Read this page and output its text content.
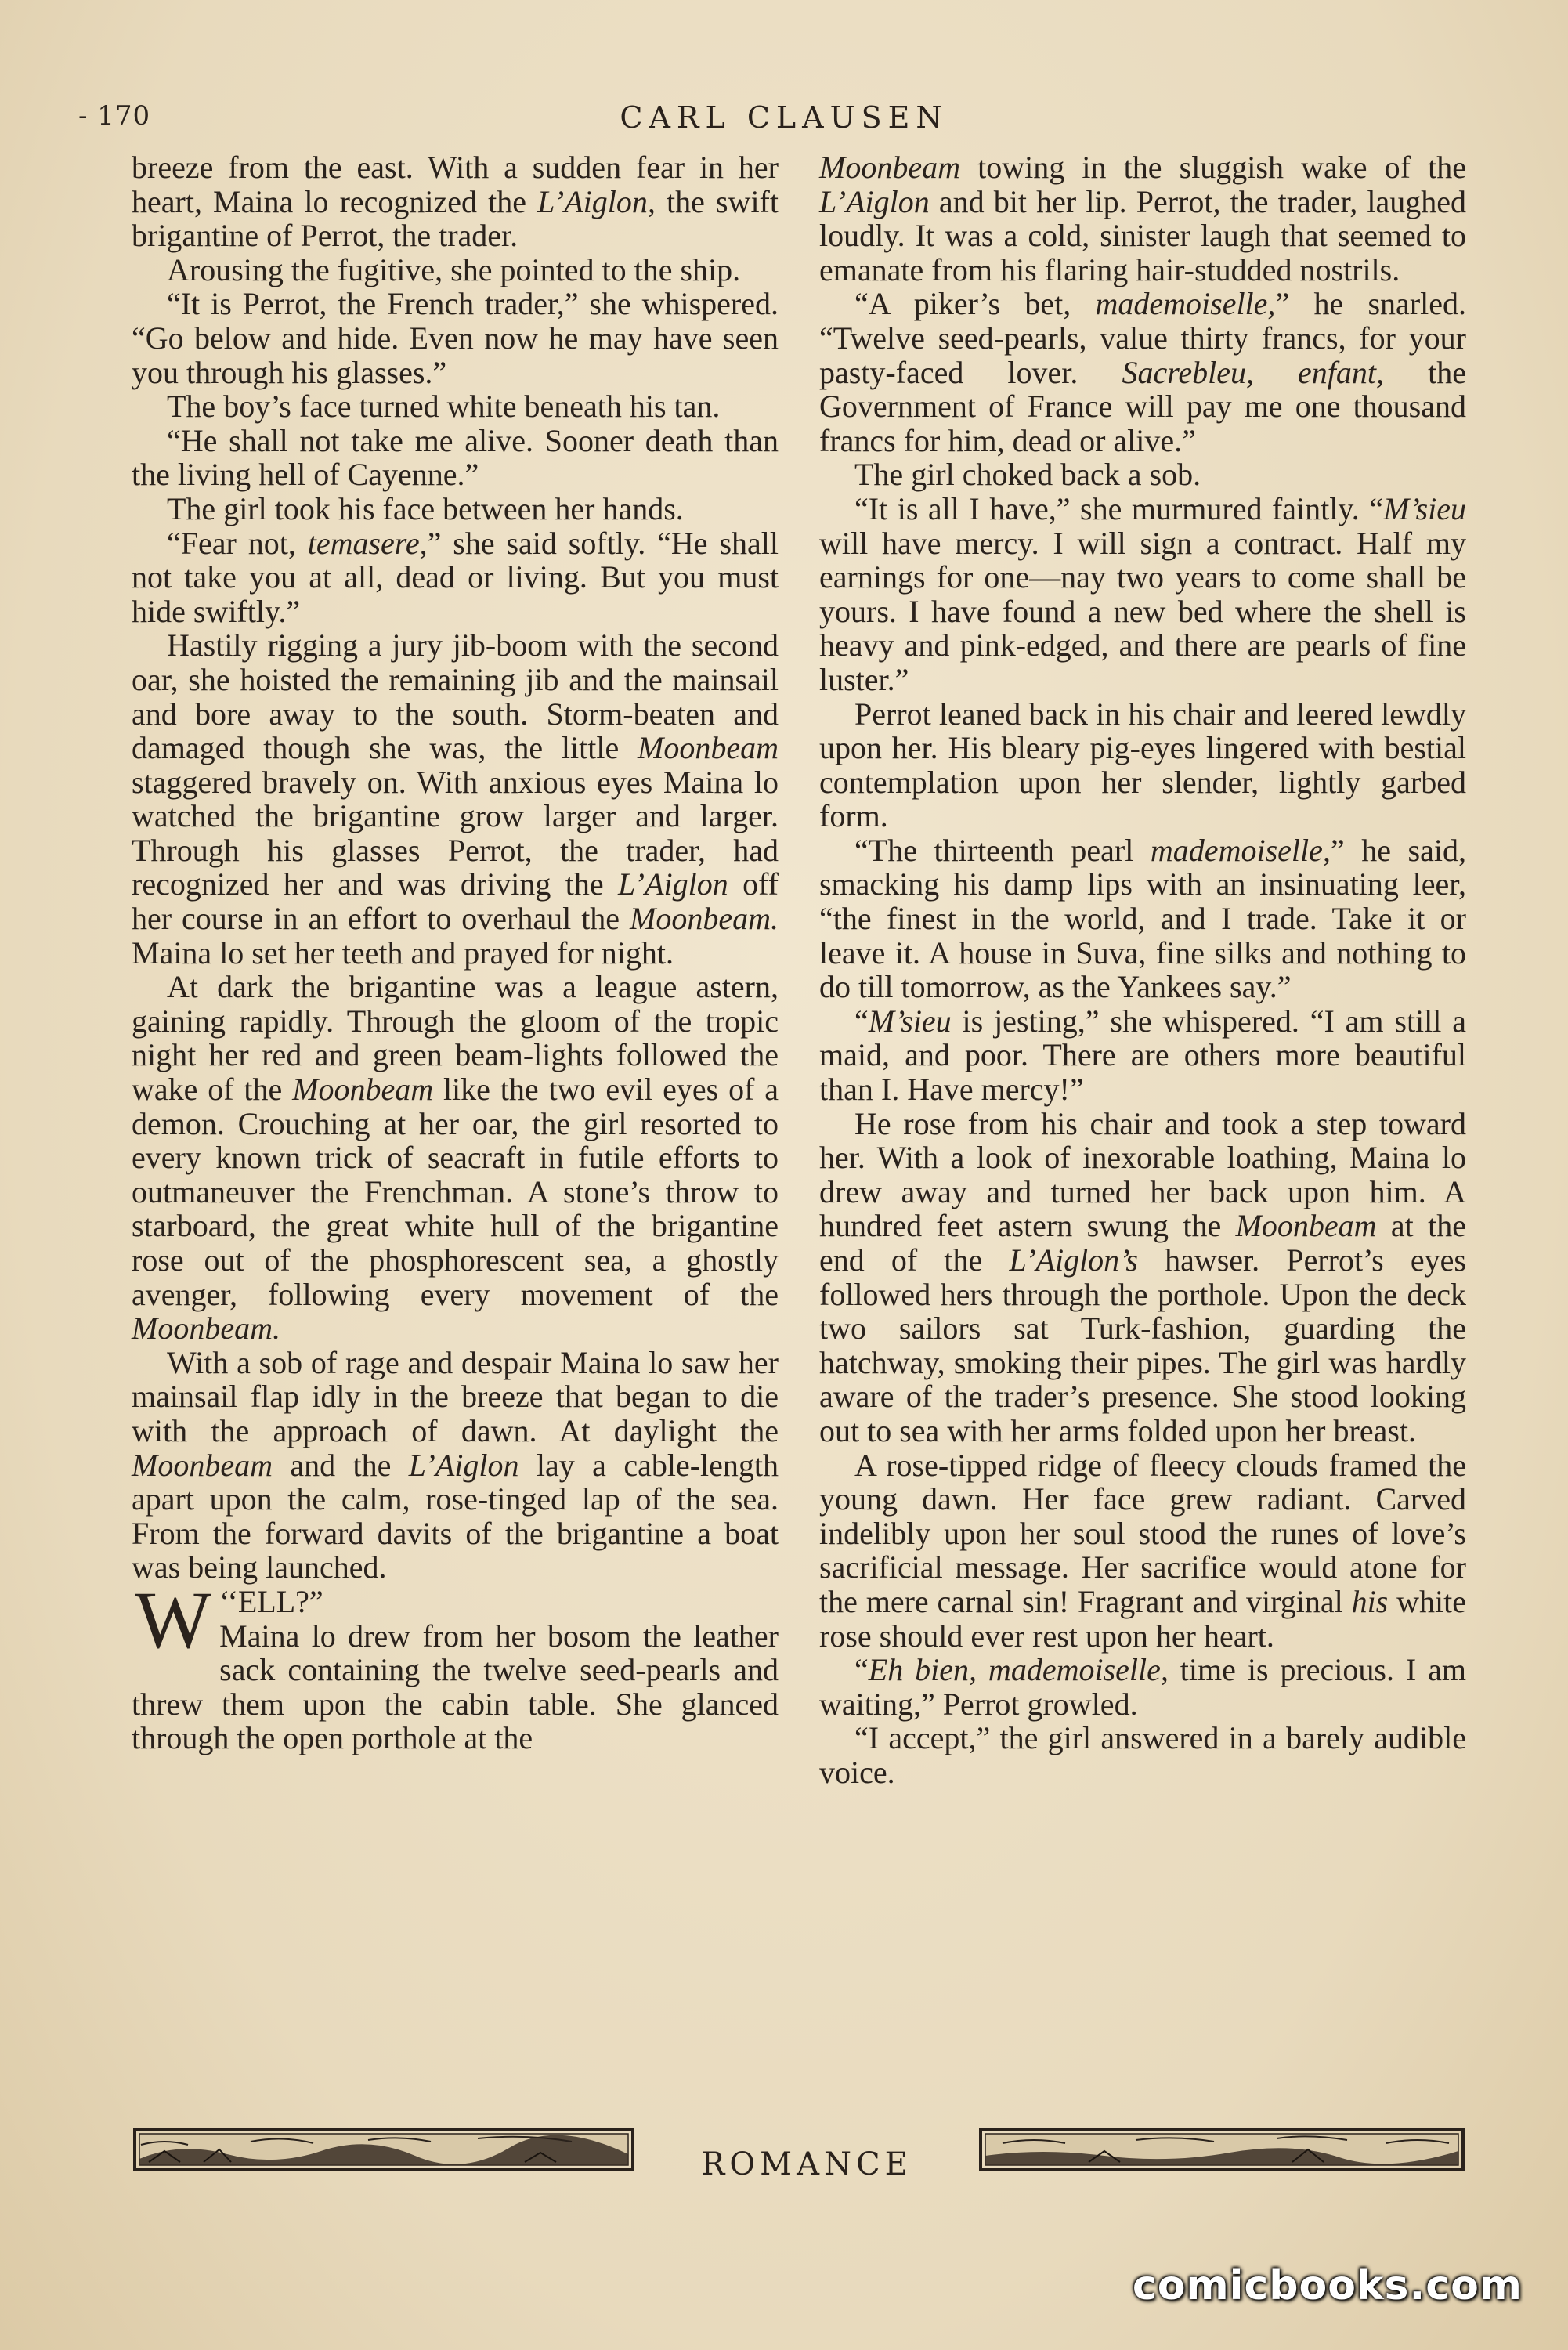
- 170	CARL CLAUSEN

breeze from the east. With a sudden fear in her heart, Maina lo recognized the L’Aiglon, the swift brigantine of Perrot, the trader.

Arousing the fugitive, she pointed to the ship.

“It is Perrot, the French trader,” she whispered. “Go below and hide. Even now he may have seen you through his glasses.”

The boy’s face turned white beneath his tan.

“He shall not take me alive. Sooner death than the living hell of Cayenne.”

The girl took his face between her hands.

“Fear not, temasere,” she said softly. “He shall not take you at all, dead or living. But you must hide swiftly.”

Hastily rigging a jury jib-boom with the second oar, she hoisted the remaining jib and the mainsail and bore away to the south. Storm-beaten and damaged though she was, the little Moonbeam staggered bravely on. With anxious eyes Maina lo watched the brigantine grow larger and larger. Through his glasses Perrot, the trader, had recognized her and was driving the L’Aiglon off her course in an effort to overhaul the Moonbeam. Maina lo set her teeth and prayed for night.

At dark the brigantine was a league astern, gaining rapidly. Through the gloom of the tropic night her red and green beam-lights followed the wake of the Moonbeam like the two evil eyes of a demon. Crouching at her oar, the girl resorted to every known trick of seacraft in futile efforts to outmaneuver the Frenchman. A stone’s throw to starboard, the great white hull of the brigantine rose out of the phosphorescent sea, a ghostly avenger, following every movement of the Moonbeam.

With a sob of rage and despair Maina lo saw her mainsail flap idly in the breeze that began to die with the approach of dawn. At daylight the Moonbeam and the L’Aiglon lay a cable-length apart upon the calm, rose-tinged lap of the sea. From the forward davits of the brigantine a boat was being launched.

‘‘
W ELL?”
Maina lo drew from her bosom the leather sack containing the twelve seed-pearls and threw them upon the cabin table. She glanced through the open porthole at the

Moonbeam towing in the sluggish wake of the L’Aiglon and bit her lip. Perrot, the trader, laughed loudly. It was a cold, sinister laugh that seemed to emanate from his flaring hair-studded nostrils.

“A piker’s bet, mademoiselle,” he snarled. “Twelve seed-pearls, value thirty francs, for your pasty-faced lover. Sacrebleu, enfant, the Government of France will pay me one thousand francs for him, dead or alive.”

The girl choked back a sob.

“It is all I have,” she murmured faintly. “M’sieu will have mercy. I will sign a contract. Half my earnings for one—nay two years to come shall be yours. I have found a new bed where the shell is heavy and pink-edged, and there are pearls of fine luster.”

Perrot leaned back in his chair and leered lewdly upon her. His bleary pig-eyes lingered with bestial contemplation upon her slender, lightly garbed form.

“The thirteenth pearl mademoiselle,” he said, smacking his damp lips with an insinuating leer, “the finest in the world, and I trade. Take it or leave it. A house in Suva, fine silks and nothing to do till tomorrow, as the Yankees say.”

“M’sieu is jesting,” she whispered. “I am still a maid, and poor. There are others more beautiful than I. Have mercy!”

He rose from his chair and took a step toward her. With a look of inexorable loathing, Maina lo drew away and turned her back upon him. A hundred feet astern swung the Moonbeam at the end of the L’Aiglon’s hawser. Perrot’s eyes followed hers through the porthole. Upon the deck two sailors sat Turk-fashion, guarding the hatchway, smoking their pipes. The girl was hardly aware of the trader’s presence. She stood looking out to sea with her arms folded upon her breast.

A rose-tipped ridge of fleecy clouds framed the young dawn. Her face grew radiant. Carved indelibly upon her soul stood the runes of love’s sacrificial message. Her sacrifice would atone for the mere carnal sin! Fragrant and virginal his white rose should ever rest upon her heart.

“Eh bien, mademoiselle, time is precious. I am waiting,” Perrot growled.

“I accept,” the girl answered in a barely audible voice.

ROMANCE
comicbooks.com
